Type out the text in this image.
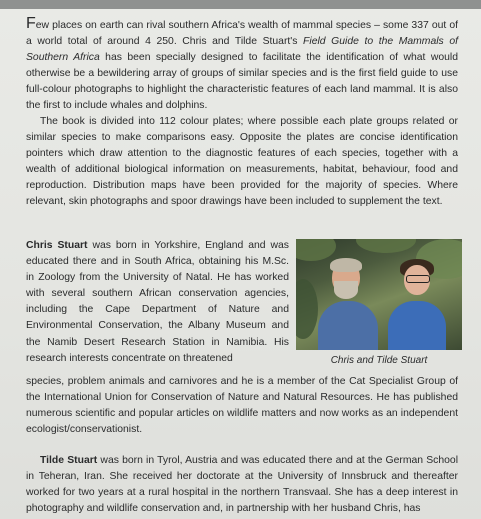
Few places on earth can rival southern Africa's wealth of mammal species – some 337 out of a world total of around 4 250. Chris and Tilde Stuart's Field Guide to the Mammals of Southern Africa has been specially designed to facilitate the identification of what would otherwise be a bewildering array of groups of similar species and is the first field guide to use full-colour photographs to highlight the characteristic features of each land mammal. It is also the first to include whales and dolphins.

The book is divided into 112 colour plates; where possible each plate groups related or similar species to make comparisons easy. Opposite the plates are concise identification pointers which draw attention to the diagnostic features of each species, together with a wealth of additional biological information on measurements, habitat, behaviour, food and reproduction. Distribution maps have been provided for the majority of species. Where relevant, skin photographs and spoor drawings have been included to supplement the text.

Chris Stuart was born in Yorkshire, England and was educated there and in South Africa, obtaining his M.Sc. in Zoology from the University of Natal. He has worked with several southern African conservation agencies, including the Cape Department of Nature and Environmental Conservation, the Albany Museum and the Namib Desert Research Station in Namibia. His research interests concentrate on threatened	Chris and Tilde Stuart
species, problem animals and carnivores and he is a member of the Cat Specialist Group of the International Union for Conservation of Nature and Natural Resources. He has published numerous scientific and popular articles on wildlife matters and now works as an independent ecologist/conservationist.
Tilde Stuart was born in Tyrol, Austria and was educated there and at the German School in Teheran, Iran. She received her doctorate at the University of Innsbruck and thereafter worked for two years at a rural hospital in the northern Transvaal. She has a deep interest in photography and wildlife conservation and, in partnership with her husband Chris, has
